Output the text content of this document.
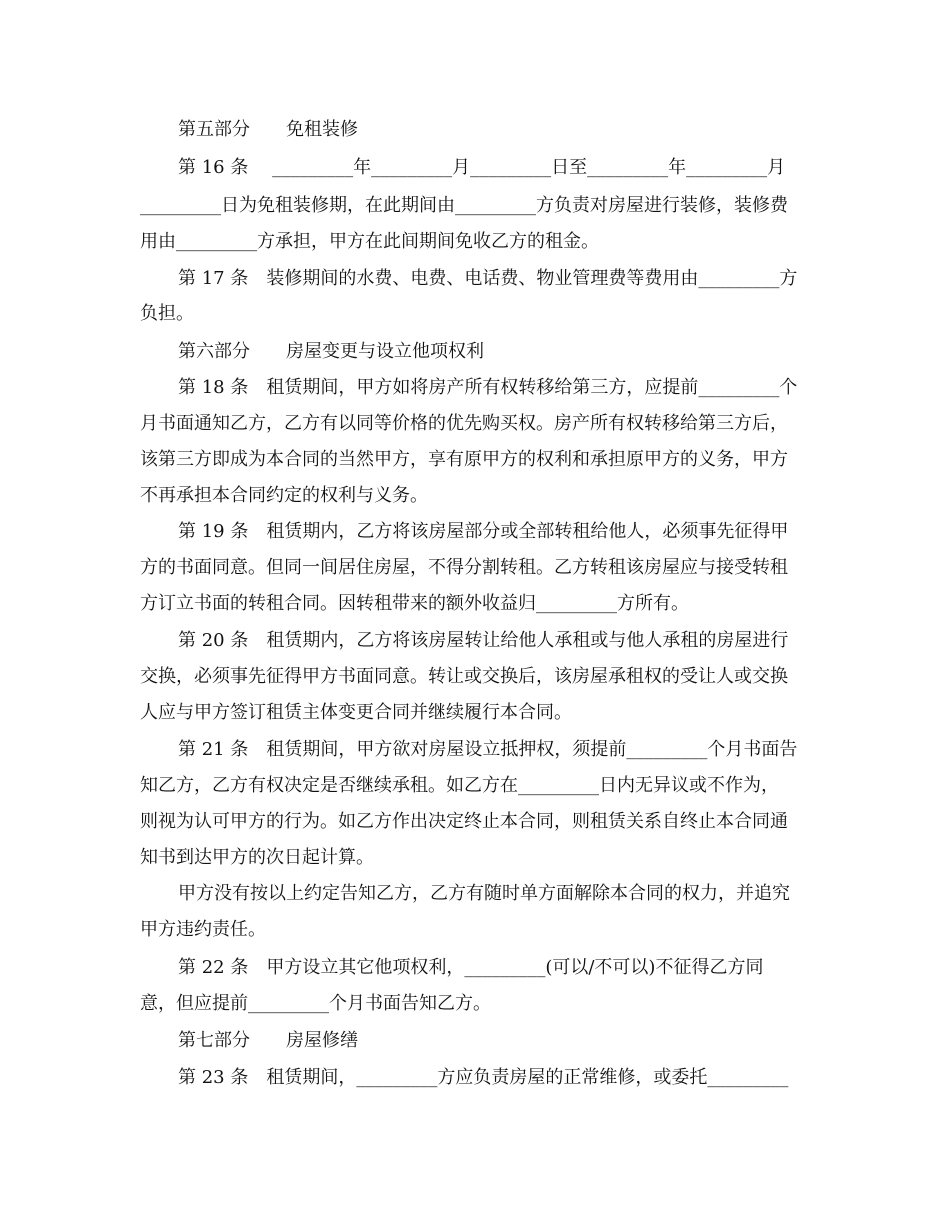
第五部分　　免租装修
第 16 条　 _________年_________月_________日至_________年_________月
_________日为免租装修期，在此期间由_________方负责对房屋进行装修，装修费
用由_________方承担，甲方在此间期间免收乙方的租金。
第 17 条　装修期间的水费、电费、电话费、物业管理费等费用由_________方
负担。
第六部分　　房屋变更与设立他项权利
第 18 条　租赁期间，甲方如将房产所有权转移给第三方，应提前_________个
月书面通知乙方，乙方有以同等价格的优先购买权。房产所有权转移给第三方后，
该第三方即成为本合同的当然甲方，享有原甲方的权利和承担原甲方的义务，甲方
不再承担本合同约定的权利与义务。
第 19 条　租赁期内，乙方将该房屋部分或全部转租给他人，必须事先征得甲
方的书面同意。但同一间居住房屋，不得分割转租。乙方转租该房屋应与接受转租
方订立书面的转租合同。因转租带来的额外收益归_________方所有。
第 20 条　租赁期内，乙方将该房屋转让给他人承租或与他人承租的房屋进行
交换，必须事先征得甲方书面同意。转让或交换后，该房屋承租权的受让人或交换
人应与甲方签订租赁主体变更合同并继续履行本合同。
第 21 条　租赁期间，甲方欲对房屋设立抵押权，须提前_________个月书面告
知乙方，乙方有权决定是否继续承租。如乙方在_________日内无异议或不作为，
则视为认可甲方的行为。如乙方作出决定终止本合同，则租赁关系自终止本合同通
知书到达甲方的次日起计算。
甲方没有按以上约定告知乙方，乙方有随时单方面解除本合同的权力，并追究
甲方违约责任。
第 22 条　甲方设立其它他项权利，_________(可以/不可以)不征得乙方同
意，但应提前_________个月书面告知乙方。
第七部分　　房屋修缮
第 23 条　租赁期间，_________方应负责房屋的正常维修，或委托_________
